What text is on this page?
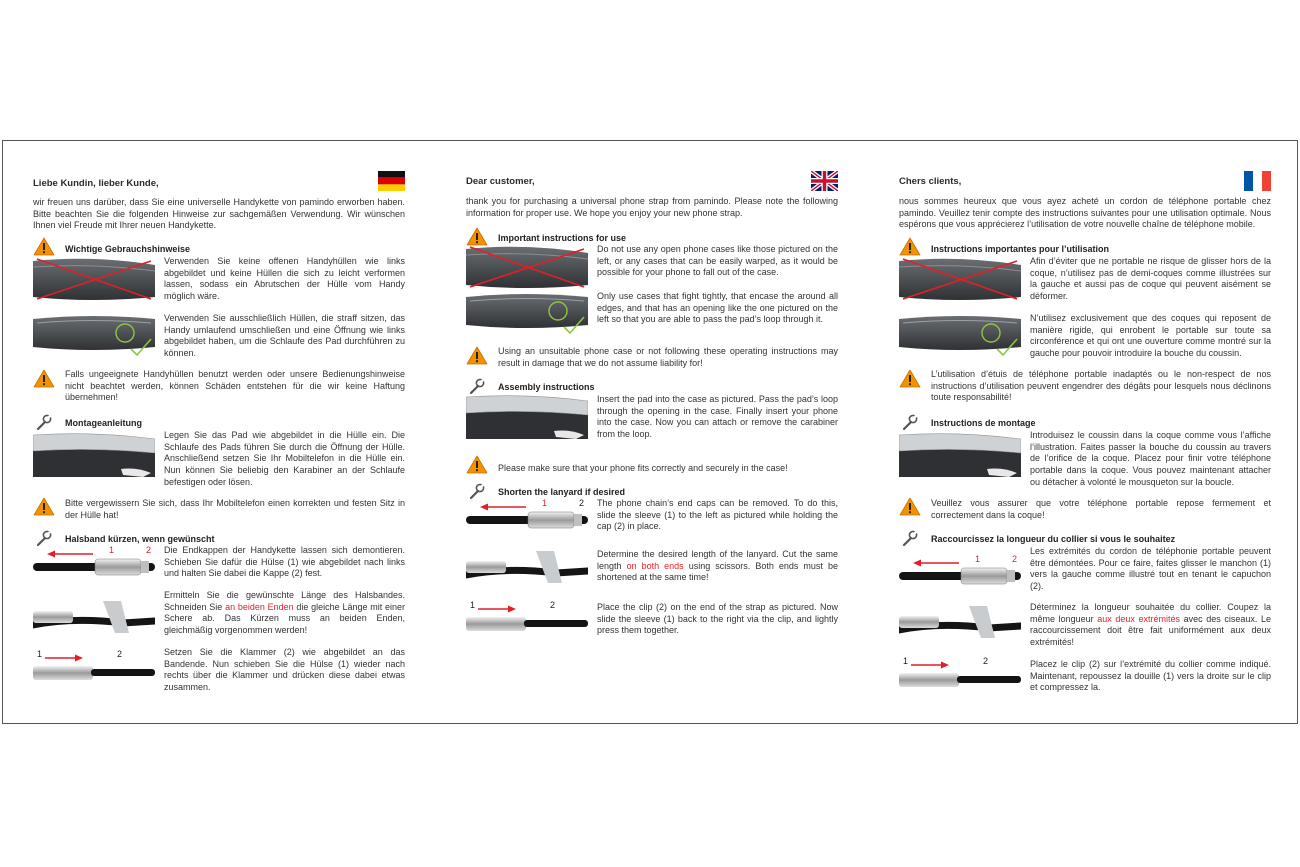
Liebe Kundin, lieber Kunde,
wir freuen uns darüber, dass Sie eine universelle Handykette von pamindo erworben haben. Bitte beachten Sie die folgenden Hinweise zur sachgemäßen Verwendung. Wir wünschen Ihnen viel Freude mit Ihrer neuen Handykette.
Wichtige Gebrauchshinweise
Verwenden Sie keine offenen Handyhüllen wie links abgebildet und keine Hüllen die sich zu leicht verformen lassen, sodass ein Abrutschen der Hülle vom Handy möglich wäre.
Verwenden Sie ausschließlich Hüllen, die straff sitzen, das Handy umlaufend umschließen und eine Öffnung wie links abgebildet haben, um die Schlaufe des Pad durchführen zu können.
Falls ungeeignete Handyhüllen benutzt werden oder unsere Bedienungshinweise nicht beachtet werden, können Schäden entstehen für die wir keine Haftung übernehmen!
Montageanleitung
Legen Sie das Pad wie abgebildet in die Hülle ein. Die Schlaufe des Pads führen Sie durch die Öffnung der Hülle. Anschließend setzen Sie Ihr Mobiltelefon in die Hülle ein. Nun können Sie beliebig den Karabiner an der Schlaufe befestigen oder lösen.
Bitte vergewissern Sie sich, dass Ihr Mobiltelefon einen korrekten und festen Sitz in der Hülle hat!
Halsband kürzen, wenn gewünscht
1	2 Die Endkappen der Handykette lassen sich demontieren. Schieben Sie dafür die Hülse (1) wie abgebildet nach links und halten Sie dabei die Kappe (2) fest.
Ermitteln Sie die gewünschte Länge des Halsbandes. Schneiden Sie an beiden Enden die gleiche Länge mit einer Schere ab. Das Kürzen muss an beiden Enden, gleichmäßig vorgenommen werden!
1	2	Setzen Sie die Klammer (2) wie abgebildet an das Bandende. Nun schieben Sie die Hülse (1) wieder nach rechts über die Klammer und drücken diese dabei etwas zusammen.
Dear customer,
thank you for purchasing a universal phone strap from pamindo. Please note the following information for proper use. We hope you enjoy your new phone strap.
Important instructions for use
Do not use any open phone cases like those pictured on the left, or any cases that can be easily warped, as it would be possible for your phone to fall out of the case.
Only use cases that fight tightly, that encase the around all edges, and that has an opening like the one pictured on the left so that you are able to pass the pad’s loop through it.
Using an unsuitable phone case or not following these operating instructions may result in damage that we do not assume liability for!
Assembly instructions
Insert the pad into the case as pictured. Pass the pad’s loop through the opening in the case. Finally insert your phone into the case. Now you can attach or remove the carabiner from the loop.
Please make sure that your phone fits correctly and securely in the case!
Shorten the lanyard if desired
1	2 The phone chain’s end caps can be removed. To do this, slide the sleeve (1) to the left as pictured while holding the cap (2) in place.
Determine the desired length of the lanyard. Cut the same length on both ends using scissors. Both ends must be shortened at the same time!
1	2	Place the clip (2) on the end of the strap as pictured. Now slide the sleeve (1) back to the right via the clip, and lightly press them together.
Chers clients,
nous sommes heureux que vous ayez acheté un cordon de téléphone portable chez pamindo. Veuillez tenir compte des instructions suivantes pour une utilisation optimale. Nous espérons que vous apprécierez l’utilisation de votre nouvelle chaîne de téléphone mobile.
Instructions importantes pour l’utilisation
Afin d’éviter que ne portable ne risque de glisser hors de la coque, n’utilisez pas de demi-coques comme illustrées sur la gauche et aussi pas de coque qui peuvent aisément se déformer.
N’utilisez exclusivement que des coques qui reposent de manière rigide, qui enrobent le portable sur toute sa circonférence et qui ont une ouverture comme montré sur la gauche pour pouvoir introduire la bouche du coussin.
L’utilisation d’étuis de téléphone portable inadaptés ou le non-respect de nos instructions d’utilisation peuvent engendrer des dégâts pour lesquels nous déclinons toute responsabilité!
Instructions de montage
Introduisez le coussin dans la coque comme vous l’affiche l’illustration. Faites passer la bouche du coussin au travers de l’orifice de la coque. Placez pour finir votre téléphone portable dans la coque. Vous pouvez maintenant attacher ou détacher à volonté le mousqueton sur la boucle.
Veuillez vous assurer que votre téléphone portable repose fermement et correctement dans la coque!
Raccourcissez la longueur du collier si vous le souhaitez
1	2
Les extrémités du cordon de téléphonie portable peuvent être démontées. Pour ce faire, faites glisser le manchon (1) vers la gauche comme illustré tout en tenant le capuchon (2).
Déterminez la longueur souhaitée du collier. Coupez la même longueur aux deux extrémités avec des ciseaux. Le raccourcissement doit être fait uniformément aux deux extrémités!
1	2	Placez le clip (2) sur l’extrémité du collier comme indiqué. Maintenant, repoussez la douille (1) vers la droite sur le clip et compressez la.
